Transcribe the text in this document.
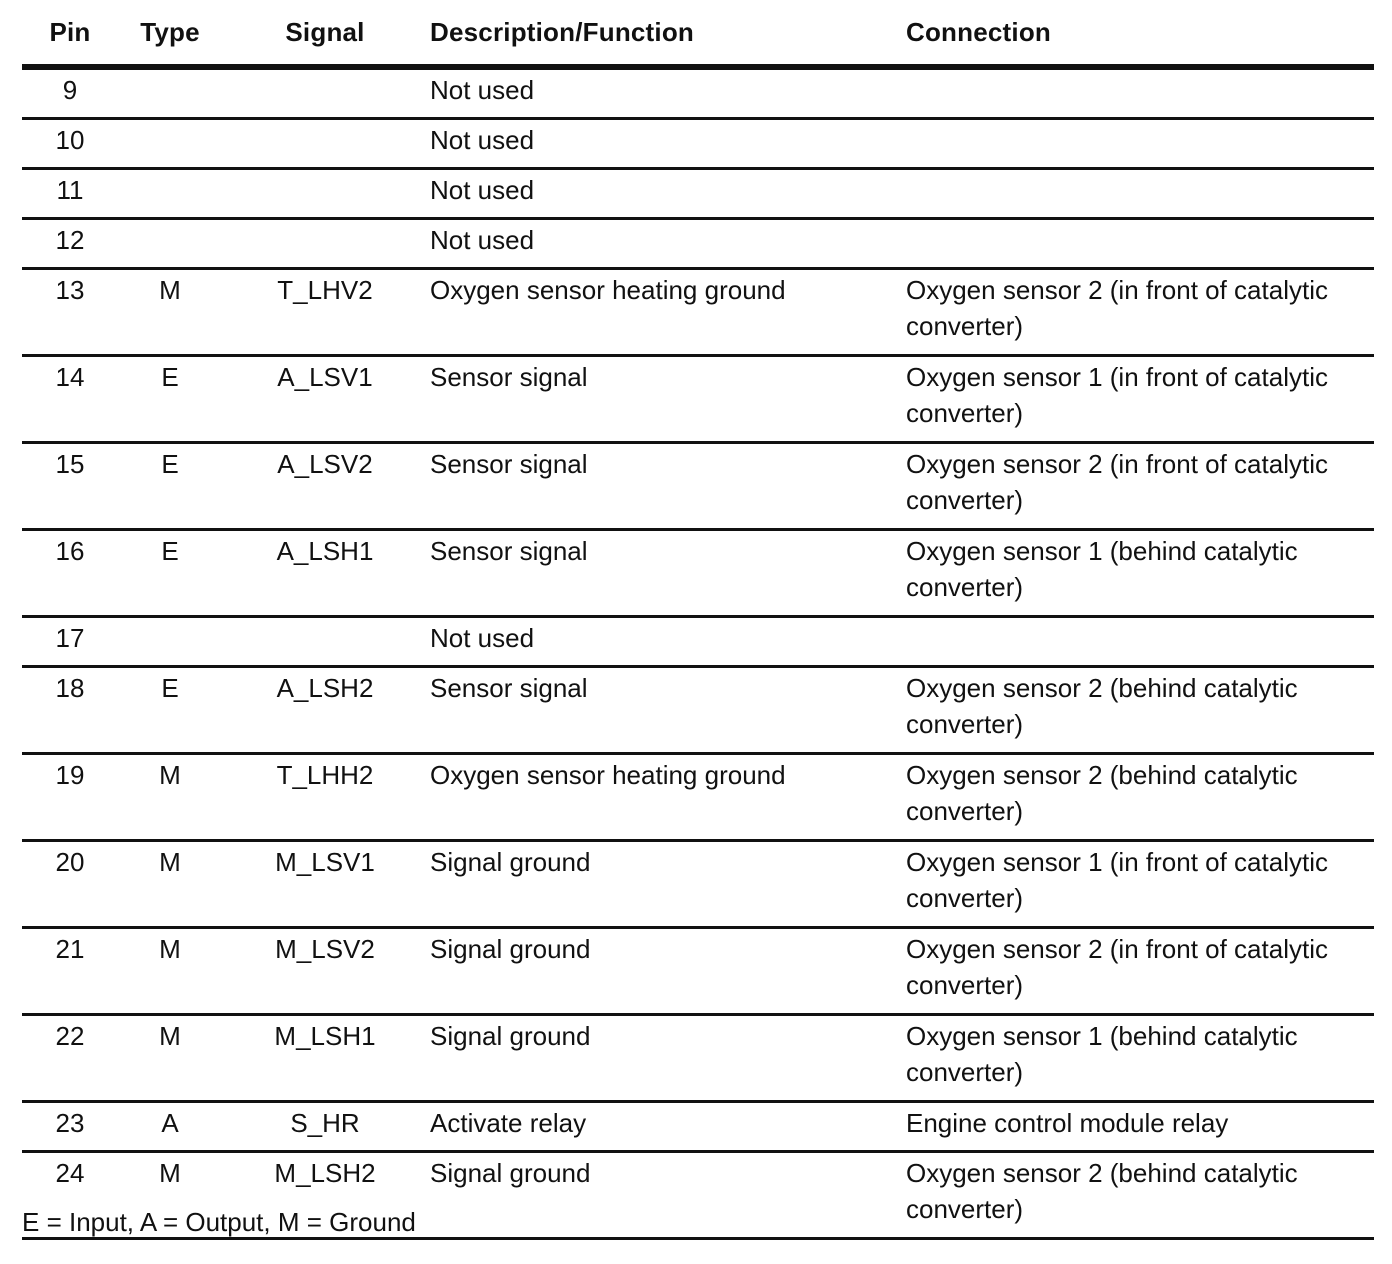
Pin	Type	Signal	Description/Function	Connection
9			Not used	
10			Not used	
11			Not used	
12			Not used	
13	M	T_LHV2	Oxygen sensor heating ground	Oxygen sensor 2 (in front of catalytic converter)
14	E	A_LSV1	Sensor signal	Oxygen sensor 1 (in front of catalytic converter)
15	E	A_LSV2	Sensor signal	Oxygen sensor 2 (in front of catalytic converter)
16	E	A_LSH1	Sensor signal	Oxygen sensor 1 (behind catalytic converter)
17			Not used	
18	E	A_LSH2	Sensor signal	Oxygen sensor 2 (behind catalytic converter)
19	M	T_LHH2	Oxygen sensor heating ground	Oxygen sensor 2 (behind catalytic converter)
20	M	M_LSV1	Signal ground	Oxygen sensor 1 (in front of catalytic converter)
21	M	M_LSV2	Signal ground	Oxygen sensor 2 (in front of catalytic converter)
22	M	M_LSH1	Signal ground	Oxygen sensor 1 (behind catalytic converter)
23	A	S_HR	Activate relay	Engine control module relay
24	M	M_LSH2	Signal ground	Oxygen sensor 2 (behind catalytic converter)
E = Input, A = Output, M = Ground
